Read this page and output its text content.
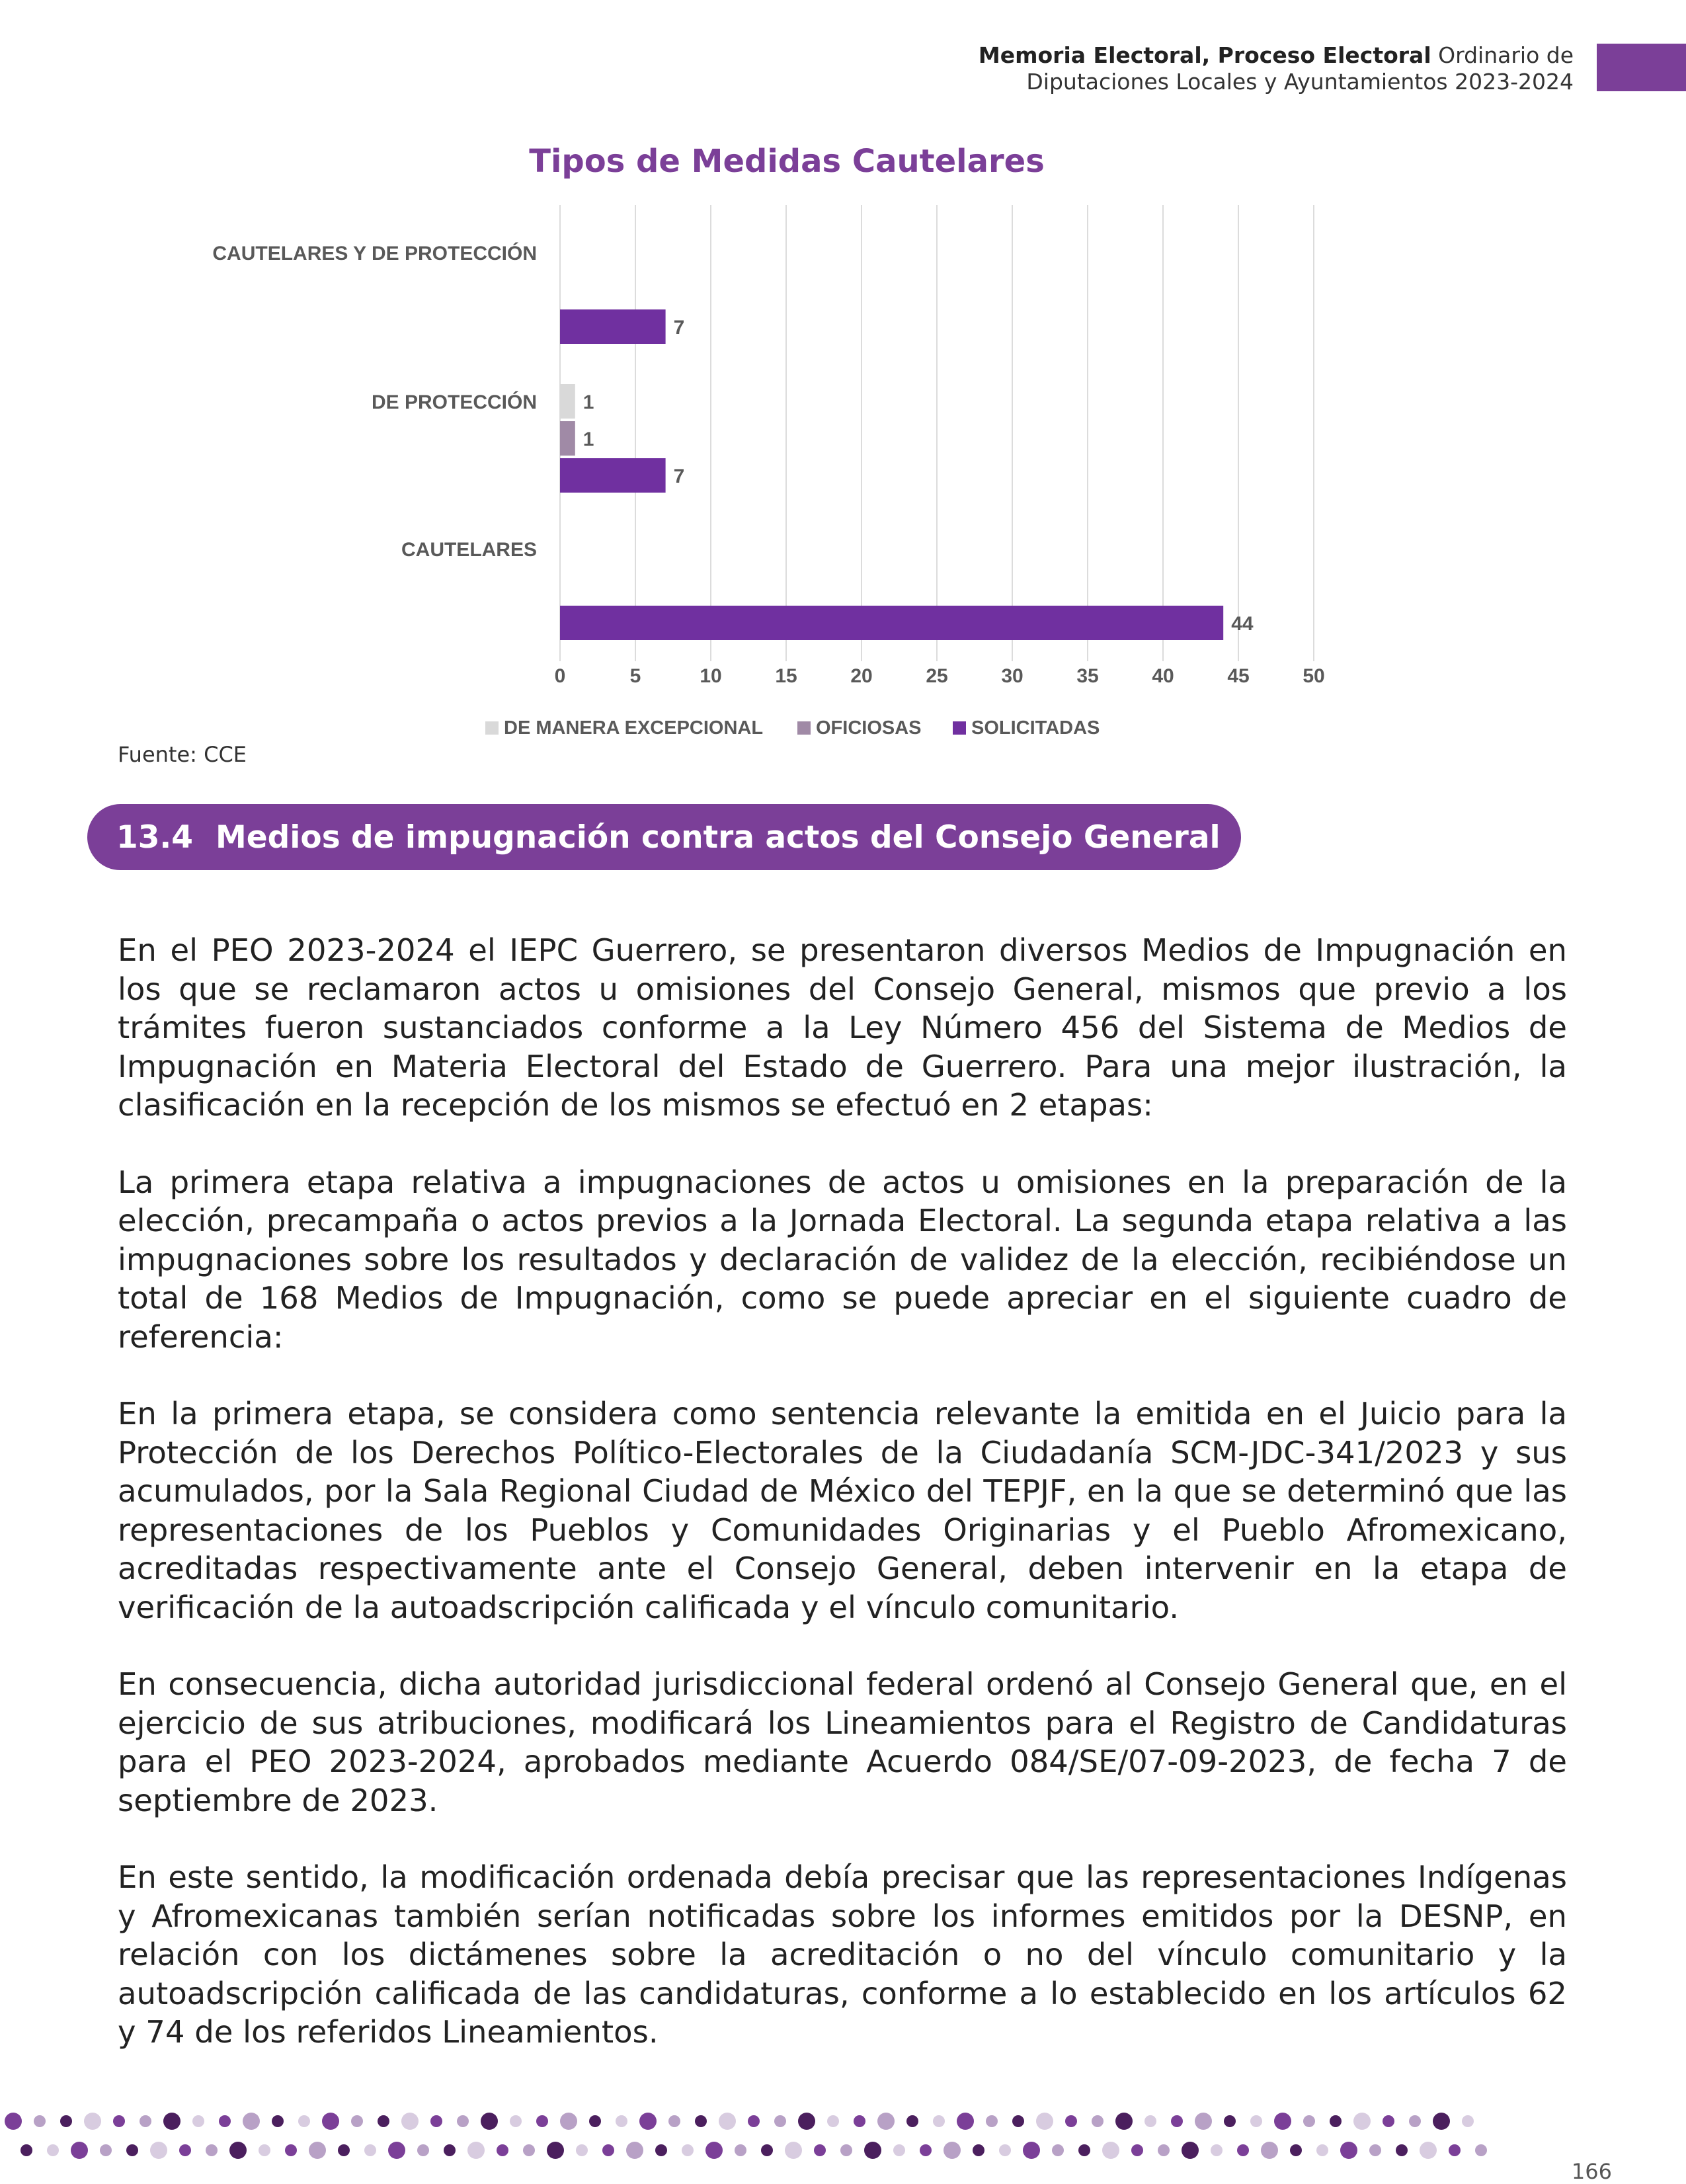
Memoria Electoral, Proceso Electoral Ordinario de
Diputaciones Locales y Ayuntamientos 2023-2024
Tipos de Medidas Cautelares
0	5	10	15	20	25	30	35	40	45	50
CAUTELARES Y DE PROTECCIÓN
7
DE PROTECCIÓN 1
1
7
CAUTELARES
44
DE MANERA EXCEPCIONAL	OFICIOSAS	SOLICITADAS
Fuente: CCE
13.4 Medios de impugnación contra actos del Consejo General

En el PEO 2023-2024 el IEPC Guerrero, se presentaron diversos Medios de Impugnación en los que se reclamaron actos u omisiones del Consejo General, mismos que previo a los trámites fueron sustanciados conforme a la Ley Número 456 del Sistema de Medios de Impugnación en Materia Electoral del Estado de Guerrero. Para una mejor ilustración, la clasificación en la recepción de los mismos se efectuó en 2 etapas:

La primera etapa relativa a impugnaciones de actos u omisiones en la preparación de la elección, precampaña o actos previos a la Jornada Electoral. La segunda etapa relativa a las impugnaciones sobre los resultados y declaración de validez de la elección, recibiéndose un total de 168 Medios de Impugnación, como se puede apreciar en el siguiente cuadro de referencia:

En la primera etapa, se considera como sentencia relevante la emitida en el Juicio para la Protección de los Derechos Político-Electorales de la Ciudadanía SCM-JDC-341/2023 y sus acumulados, por la Sala Regional Ciudad de México del TEPJF, en la que se determinó que las representaciones de los Pueblos y Comunidades Originarias y el Pueblo Afromexicano, acreditadas respectivamente ante el Consejo General, deben intervenir en la etapa de verificación de la autoadscripción calificada y el vínculo comunitario.

En consecuencia, dicha autoridad jurisdiccional federal ordenó al Consejo General que, en el ejercicio de sus atribuciones, modificará los Lineamientos para el Registro de Candidaturas para el PEO 2023-2024, aprobados mediante Acuerdo 084/SE/07-09-2023, de fecha 7 de septiembre de 2023.

En este sentido, la modificación ordenada debía precisar que las representaciones Indígenas y Afromexicanas también serían notificadas sobre los informes emitidos por la DESNP, en relación con los dictámenes sobre la acreditación o no del vínculo comunitario y la autoadscripción calificada de las candidaturas, conforme a lo establecido en los artículos 62 y 74 de los referidos Lineamientos.

166
